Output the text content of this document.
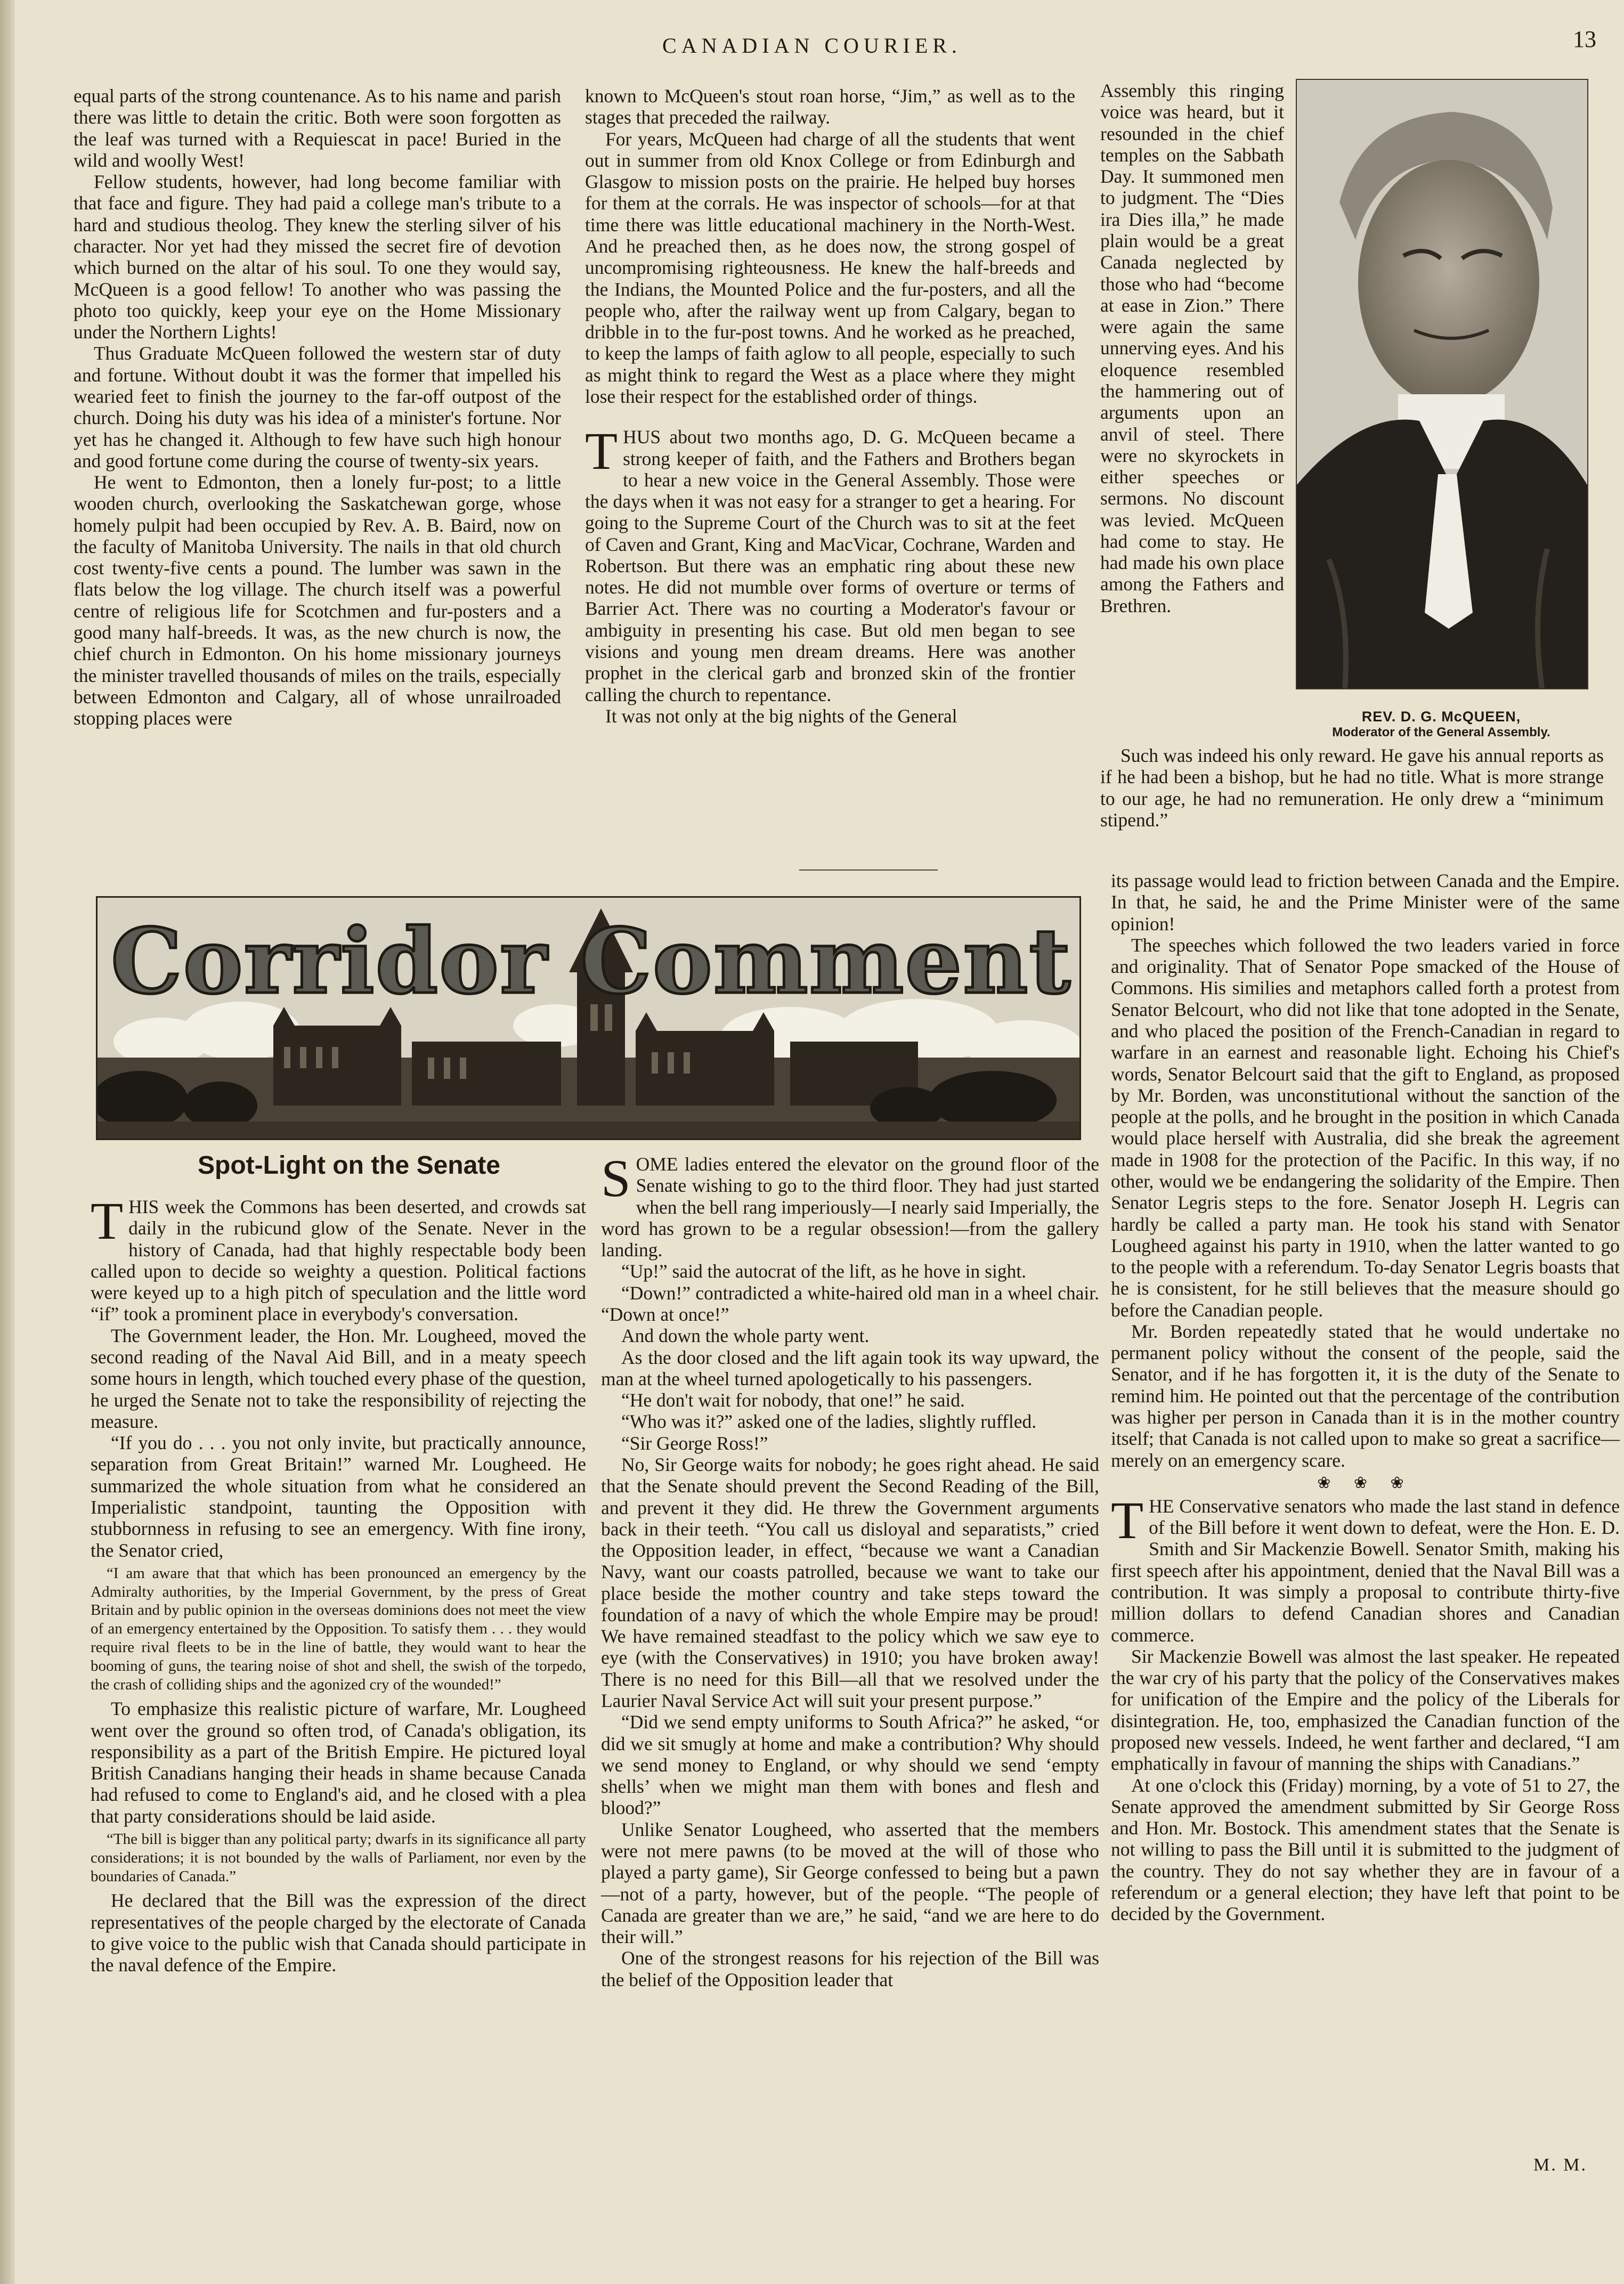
CANADIAN COURIER.	13

equal parts of the strong countenance. As to his name and parish there was little to detain the critic. Both were soon forgotten as the leaf was turned with a Requiescat in pace! Buried in the wild and woolly West!

Fellow students, however, had long become familiar with that face and figure. They had paid a college man's tribute to a hard and studious theolog. They knew the sterling silver of his character. Nor yet had they missed the secret fire of devotion which burned on the altar of his soul. To one they would say, McQueen is a good fellow! To another who was passing the photo too quickly, keep your eye on the Home Missionary under the Northern Lights!

Thus Graduate McQueen followed the western star of duty and fortune. Without doubt it was the former that impelled his wearied feet to finish the journey to the far-off outpost of the church. Doing his duty was his idea of a minister's fortune. Nor yet has he changed it. Although to few have such high honour and good fortune come during the course of twenty-six years.

He went to Edmonton, then a lonely fur-post; to a little wooden church, overlooking the Saskatchewan gorge, whose homely pulpit had been occupied by Rev. A. B. Baird, now on the faculty of Manitoba University. The nails in that old church cost twenty-five cents a pound. The lumber was sawn in the flats below the log village. The church itself was a powerful centre of religious life for Scotchmen and fur-posters and a good many half-breeds. It was, as the new church is now, the chief church in Edmonton. On his home missionary journeys the minister travelled thousands of miles on the trails, especially between Edmonton and Calgary, all of whose unrailroaded stopping places were

known to McQueen's stout roan horse, “Jim,” as well as to the stages that preceded the railway.

For years, McQueen had charge of all the students that went out in summer from old Knox College or from Edinburgh and Glasgow to mission posts on the prairie. He helped buy horses for them at the corrals. He was inspector of schools—for at that time there was little educational machinery in the North-West. And he preached then, as he does now, the strong gospel of uncompromising righteousness. He knew the half-breeds and the Indians, the Mounted Police and the fur-posters, and all the people who, after the railway went up from Calgary, began to dribble in to the fur-post towns. And he worked as he preached, to keep the lamps of faith aglow to all people, especially to such as might think to regard the West as a place where they might lose their respect for the established order of things.

THUS about two months ago, D. G. McQueen became a strong keeper of faith, and the Fathers and Brothers began to hear a new voice in the General Assembly. Those were the days when it was not easy for a stranger to get a hearing. For going to the Supreme Court of the Church was to sit at the feet of Caven and Grant, King and MacVicar, Cochrane, Warden and Robertson. But there was an emphatic ring about these new notes. He did not mumble over forms of overture or terms of Barrier Act. There was no courting a Moderator's favour or ambiguity in presenting his case. But old men began to see visions and young men dream dreams. Here was another prophet in the clerical garb and bronzed skin of the frontier calling the church to repentance.

It was not only at the big nights of the General

Assembly this ringing voice was heard, but it resounded in the chief temples on the Sabbath Day. It summoned men to judgment. The “Dies ira Dies illa,” he made plain would be a great Canada neglected by those who had “become at ease in Zion.” There were again the same unnerving eyes. And his eloquence resembled the hammering out of arguments upon an anvil of steel. There were no skyrockets in either speeches or sermons. No discount was levied. McQueen had come to stay. He had made his own place among the Fathers and Brethren.

Such was indeed his only reward. He gave his annual reports as if he had been a bishop, but he had no title. What is more strange to our age, he had no remuneration. He only drew a “minimum stipend.”

REV. D. G. McQUEEN,
Moderator of the General Assembly.

its passage would lead to friction between Canada and the Empire. In that, he said, he and the Prime Minister were of the same opinion!

The speeches which followed the two leaders varied in force and originality. That of Senator Pope smacked of the House of Commons. His similies and metaphors called forth a protest from Senator Belcourt, who did not like that tone adopted in the Senate, and who placed the position of the French-Canadian in regard to warfare in an earnest and reasonable light. Echoing his Chief's words, Senator Belcourt said that the gift to England, as proposed by Mr. Borden, was unconstitutional without the sanction of the people at the polls, and he brought in the position in which Canada would place herself with Australia, did she break the agreement made in 1908 for the protection of the Pacific. In this way, if no other, would we be endangering the solidarity of the Empire. Then Senator Legris steps to the fore. Senator Joseph H. Legris can hardly be called a party man. He took his stand with Senator Lougheed against his party in 1910, when the latter wanted to go to the people with a referendum. To-day Senator Legris boasts that he is consistent, for he still believes that the measure should go before the Canadian people.

Mr. Borden repeatedly stated that he would undertake no permanent policy without the consent of the people, said the Senator, and if he has forgotten it, it is the duty of the Senate to remind him. He pointed out that the percentage of the contribution was higher per person in Canada than it is in the mother country itself; that Canada is not called upon to make so great a sacrifice—merely on an emergency scare.

❀ ❀ ❀

THE Conservative senators who made the last stand in defence of the Bill before it went down to defeat, were the Hon. E. D. Smith and Sir Mackenzie Bowell. Senator Smith, making his first speech after his appointment, denied that the Naval Bill was a contribution. It was simply a proposal to contribute thirty-five million dollars to defend Canadian shores and Canadian commerce.

Sir Mackenzie Bowell was almost the last speaker. He repeated the war cry of his party that the policy of the Conservatives makes for unification of the Empire and the policy of the Liberals for disintegration. He, too, emphasized the Canadian function of the proposed new vessels. Indeed, he went farther and declared, “I am emphatically in favour of manning the ships with Canadians.”

At one o'clock this (Friday) morning, by a vote of 51 to 27, the Senate approved the amendment submitted by Sir George Ross and Hon. Mr. Bostock. This amendment states that the Senate is not willing to pass the Bill until it is submitted to the judgment of the country. They do not say whether they are in favour of a referendum or a general election; they have left that point to be decided by the Government.

M. M.
Corridor Comment
Spot-Light on the Senate

THIS week the Commons has been deserted, and crowds sat daily in the rubicund glow of the Senate. Never in the history of Canada, had that highly respectable body been called upon to decide so weighty a question. Political factions were keyed up to a high pitch of speculation and the little word “if” took a prominent place in everybody's conversation.

The Government leader, the Hon. Mr. Lougheed, moved the second reading of the Naval Aid Bill, and in a meaty speech some hours in length, which touched every phase of the question, he urged the Senate not to take the responsibility of rejecting the measure.

“If you do . . . you not only invite, but practically announce, separation from Great Britain!” warned Mr. Lougheed. He summarized the whole situation from what he considered an Imperialistic standpoint, taunting the Opposition with stubbornness in refusing to see an emergency. With fine irony, the Senator cried,

“I am aware that that which has been pronounced an emergency by the Admiralty authorities, by the Imperial Government, by the press of Great Britain and by public opinion in the overseas dominions does not meet the view of an emergency entertained by the Opposition. To satisfy them . . . they would require rival fleets to be in the line of battle, they would want to hear the booming of guns, the tearing noise of shot and shell, the swish of the torpedo, the crash of colliding ships and the agonized cry of the wounded!”

To emphasize this realistic picture of warfare, Mr. Lougheed went over the ground so often trod, of Canada's obligation, its responsibility as a part of the British Empire. He pictured loyal British Canadians hanging their heads in shame because Canada had refused to come to England's aid, and he closed with a plea that party considerations should be laid aside.

“The bill is bigger than any political party; dwarfs in its significance all party considerations; it is not bounded by the walls of Parliament, nor even by the boundaries of Canada.”

He declared that the Bill was the expression of the direct representatives of the people charged by the electorate of Canada to give voice to the public wish that Canada should participate in the naval defence of the Empire.

SOME ladies entered the elevator on the ground floor of the Senate wishing to go to the third floor. They had just started when the bell rang imperiously—I nearly said Imperially, the word has grown to be a regular obsession!—from the gallery landing.

“Up!” said the autocrat of the lift, as he hove in sight.

“Down!” contradicted a white-haired old man in a wheel chair. “Down at once!”

And down the whole party went.

As the door closed and the lift again took its way upward, the man at the wheel turned apologetically to his passengers.

“He don't wait for nobody, that one!” he said.

“Who was it?” asked one of the ladies, slightly ruffled.

“Sir George Ross!”

No, Sir George waits for nobody; he goes right ahead. He said that the Senate should prevent the Second Reading of the Bill, and prevent it they did. He threw the Government arguments back in their teeth. “You call us disloyal and separatists,” cried the Opposition leader, in effect, “because we want a Canadian Navy, want our coasts patrolled, because we want to take our place beside the mother country and take steps toward the foundation of a navy of which the whole Empire may be proud! We have remained steadfast to the policy which we saw eye to eye (with the Conservatives) in 1910; you have broken away! There is no need for this Bill—all that we resolved under the Laurier Naval Service Act will suit your present purpose.”

“Did we send empty uniforms to South Africa?” he asked, “or did we sit smugly at home and make a contribution? Why should we send money to England, or why should we send ‘empty shells’ when we might man them with bones and flesh and blood?”

Unlike Senator Lougheed, who asserted that the members were not mere pawns (to be moved at the will of those who played a party game), Sir George confessed to being but a pawn—not of a party, however, but of the people. “The people of Canada are greater than we are,” he said, “and we are here to do their will.”

One of the strongest reasons for his rejection of the Bill was the belief of the Opposition leader that
